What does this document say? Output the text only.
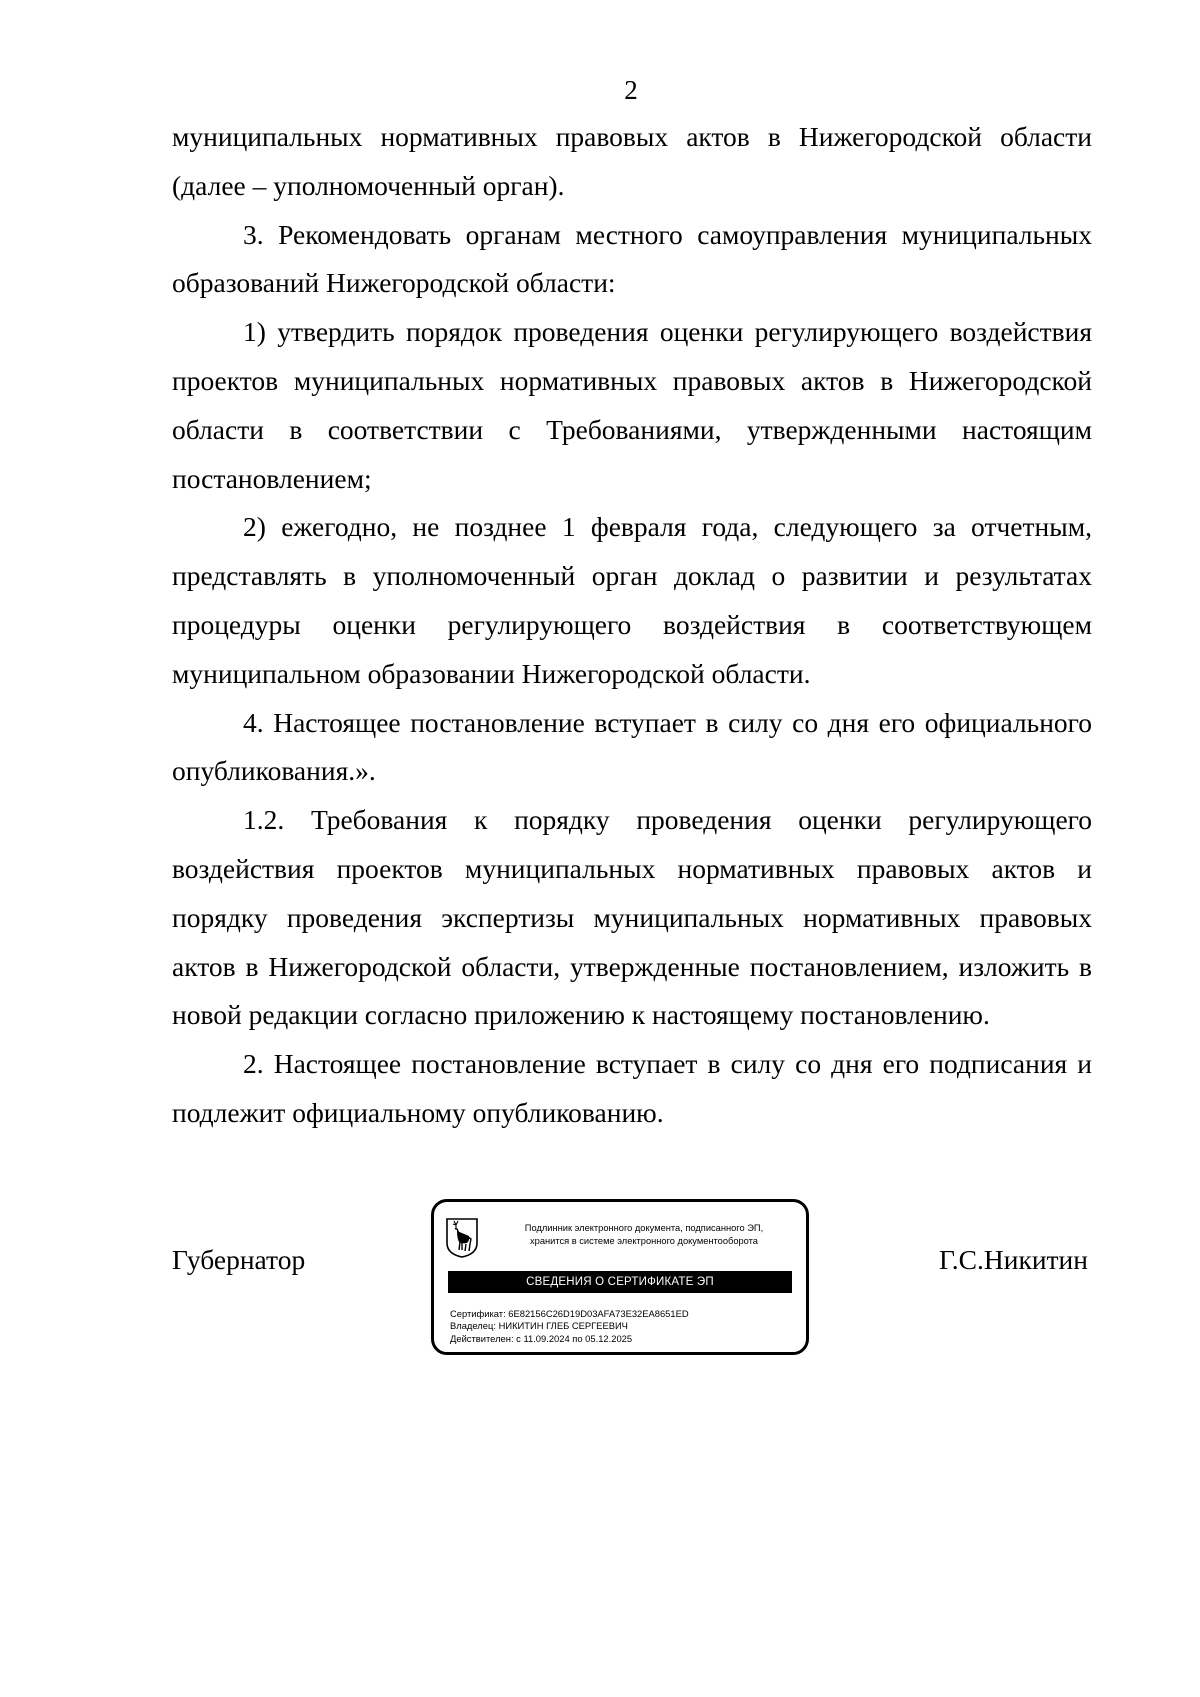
2

муниципальных нормативных правовых актов в Нижегородской области (далее – уполномоченный орган).

3. Рекомендовать органам местного самоуправления муниципальных образований Нижегородской области:

1) утвердить порядок проведения оценки регулирующего воздействия проектов муниципальных нормативных правовых актов в Нижегородской области в соответствии с Требованиями, утвержденными настоящим постановлением;

2) ежегодно, не позднее 1 февраля года, следующего за отчетным, представлять в уполномоченный орган доклад о развитии и результатах процедуры оценки регулирующего воздействия в соответствующем муниципальном образовании Нижегородской области.

4. Настоящее постановление вступает в силу со дня его официального опубликования.».

1.2. Требования к порядку проведения оценки регулирующего воздействия проектов муниципальных нормативных правовых актов и порядку проведения экспертизы муниципальных нормативных правовых актов в Нижегородской области, утвержденные постановлением, изложить в новой редакции согласно приложению к настоящему постановлению.

2. Настоящее постановление вступает в силу со дня его подписания и подлежит официальному опубликованию.

Губернатор
Подлинник электронного документа, подписанного ЭП,
хранится в системе электронного документооборота
СВЕДЕНИЯ О СЕРТИФИКАТЕ ЭП
Сертификат: 6E82156C26D19D03AFA73E32EA8651ED
Владелец: НИКИТИН ГЛЕБ СЕРГЕЕВИЧ
Действителен: с 11.09.2024 по 05.12.2025
Г.С.Никитин
